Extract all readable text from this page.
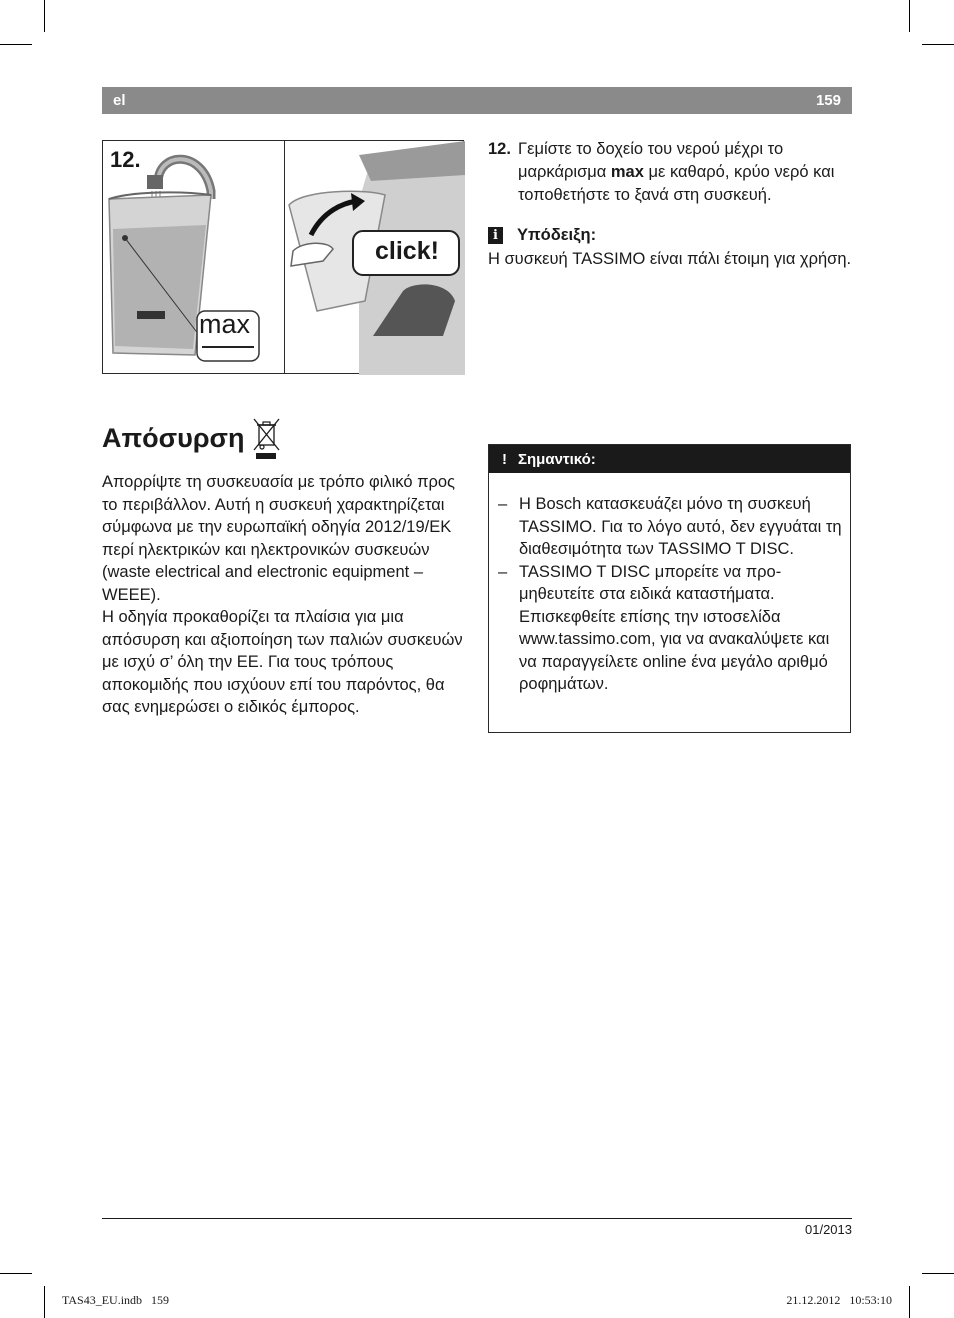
el	159
12.
max
click!
12. Γεμίστε το δοχείο του νερού μέχρι το μαρκάρισμα max με καθαρό, κρύο νερό και τοποθετήστε το ξανά στη συσκευή.
i	Υπόδειξη:
Η συσκευή TASSIMO είναι πάλι έτοιμη για χρήση.
Απόσυρση

Απορρίψτε τη συσκευασία με τρόπο φιλικό προς το περιβάλλον. Αυτή η συσκευή χαρακτηρίζεται σύμφωνα με την ευρωπαϊκή οδηγία 2012/19/ΕΚ περί ηλεκτρικών και ηλεκτρονικών συσκευών (waste electrical and electronic equipment – WEEE).

Η οδηγία προκαθορίζει τα πλαίσια για μια απόσυρση και αξιοποίηση των παλιών συσκευών με ισχύ σ’ όλη την ΕΕ. Για τους τρόπους αποκομιδής που ισχύουν επί του παρόντος, θα σας ενημερώσει ο ειδικός έμπορος.

! Σημαντικό:
– Η Bosch κατασκευάζει μόνο τη συσκευή TASSIMO. Για το λόγο αυτό, δεν εγγυάται τη διαθεσιμότητα των TASSIMO T DISC.
– TASSIMO T DISC μπορείτε να προ- μηθευτείτε στα ειδικά καταστήματα. Επισκεφθείτε επίσης την ιστοσελίδα www.tassimo.com, για να ανακαλύψετε και να παραγγείλετε online ένα μεγάλο αριθμό ροφημάτων.
01/2013
TAS43_EU.indb   159	21.12.2012   10:53:10
